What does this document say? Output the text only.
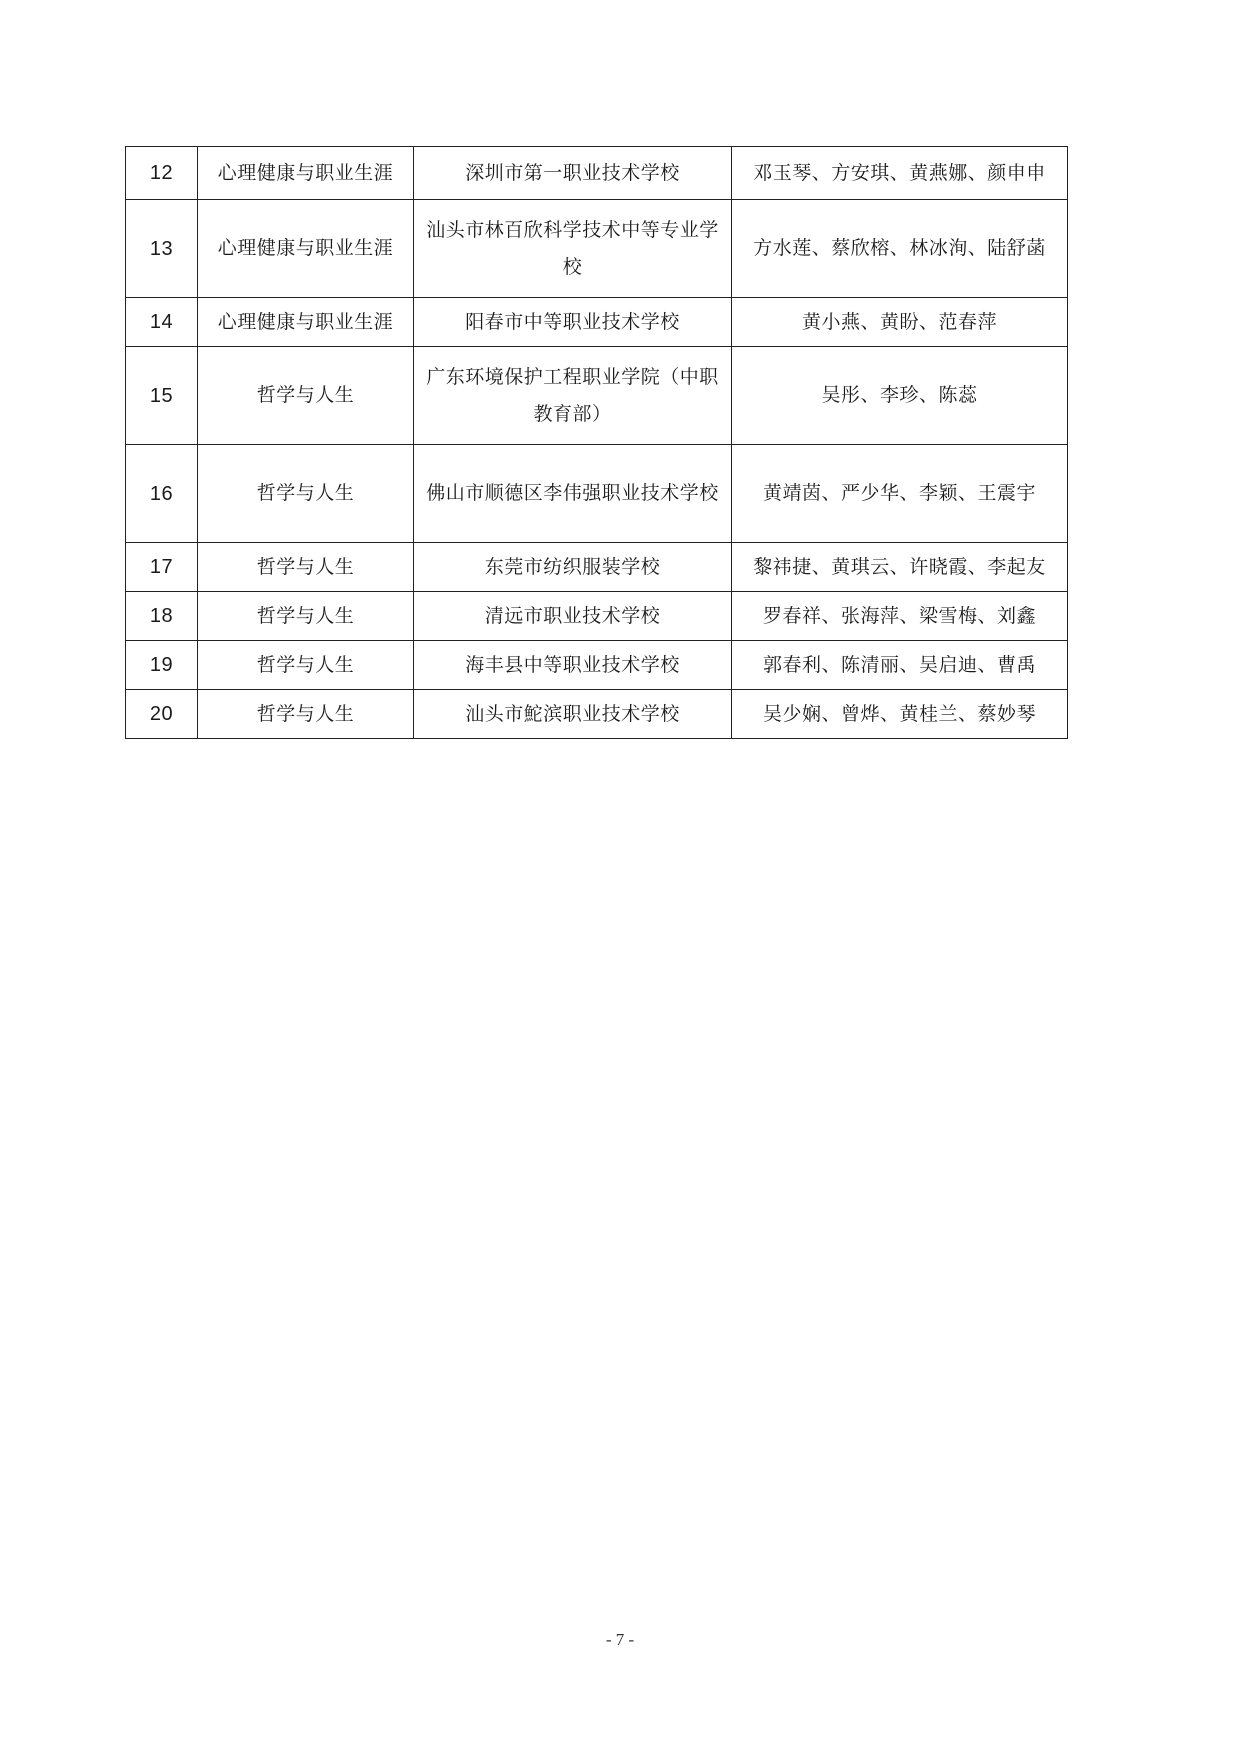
12	心理健康与职业生涯	深圳市第一职业技术学校	邓玉琴、方安琪、黄燕娜、颜申申
13	心理健康与职业生涯	汕头市林百欣科学技术中等专业学校	方水莲、蔡欣榕、林冰洵、陆舒菡
14	心理健康与职业生涯	阳春市中等职业技术学校	黄小燕、黄盼、范春萍
15	哲学与人生	广东环境保护工程职业学院（中职教育部）	吴彤、李珍、陈蕊
16	哲学与人生	佛山市顺德区李伟强职业技术学校	黄靖茵、严少华、李颖、王震宇
17	哲学与人生	东莞市纺织服装学校	黎祎捷、黄琪云、许晓霞、李起友
18	哲学与人生	清远市职业技术学校	罗春祥、张海萍、梁雪梅、刘鑫
19	哲学与人生	海丰县中等职业技术学校	郭春利、陈清丽、吴启迪、曹禹
20	哲学与人生	汕头市鮀滨职业技术学校	吴少娴、曾烨、黄桂兰、蔡妙琴
- 7 -
